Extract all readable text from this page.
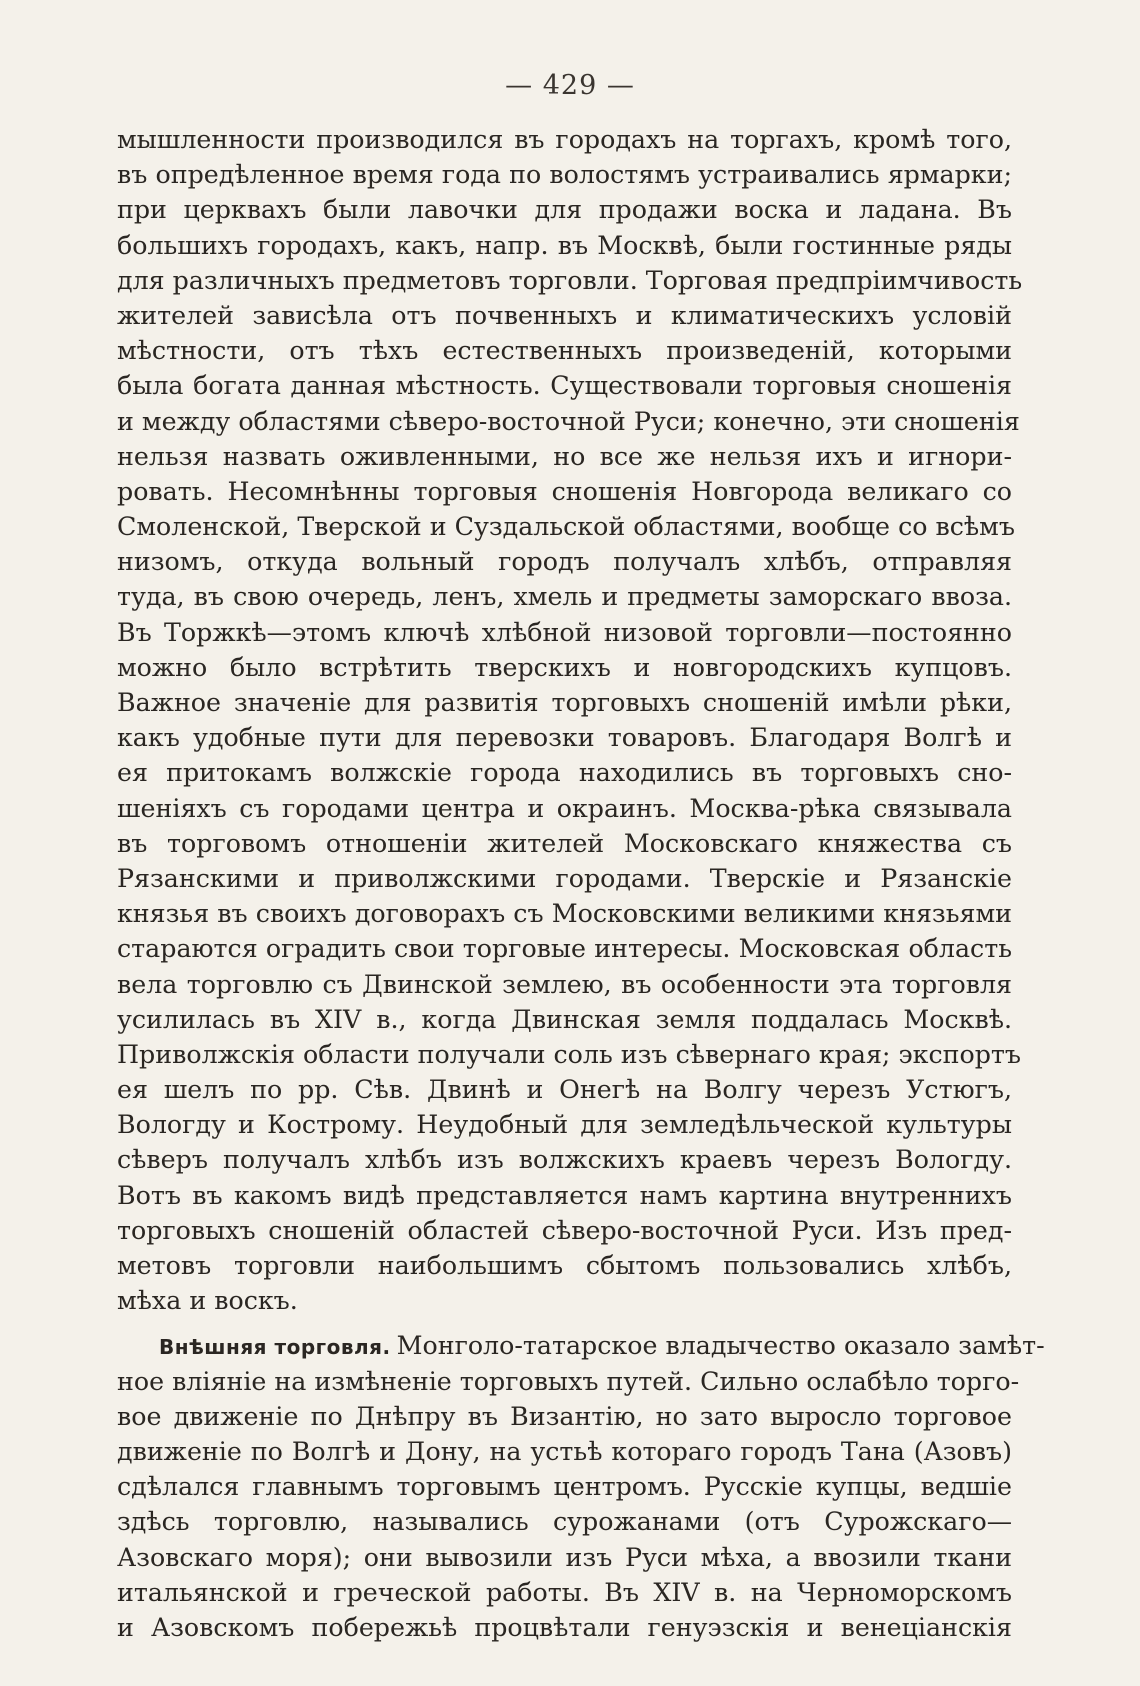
— 429 —
мышленности производился въ городахъ на торгахъ, кромѣ того,
въ опредѣленное время года по волостямъ устраивались ярмарки;
при церквахъ были лавочки для продажи воска и ладана. Въ
большихъ городахъ, какъ, напр. въ Москвѣ, были гостинные ряды
для различныхъ предметовъ торговли. Торговая предпріимчивость
жителей зависѣла отъ почвенныхъ и климатическихъ условій
мѣстности, отъ тѣхъ естественныхъ произведеній, которыми
была богата данная мѣстность. Существовали торговыя сношенія
и между областями сѣверо-восточной Руси; конечно, эти сношенія
нельзя назвать оживленными, но все же нельзя ихъ и игнори-
ровать. Несомнѣнны торговыя сношенія Новгорода великаго со
Смоленской, Тверской и Суздальской областями, вообще со всѣмъ
низомъ, откуда вольный городъ получалъ хлѣбъ, отправляя
туда, въ свою очередь, ленъ, хмель и предметы заморскаго ввоза.
Въ Торжкѣ—этомъ ключѣ хлѣбной низовой торговли—постоянно
можно было встрѣтить тверскихъ и новгородскихъ купцовъ.
Важное значеніе для развитія торговыхъ сношеній имѣли рѣки,
какъ удобные пути для перевозки товаровъ. Благодаря Волгѣ и
ея притокамъ волжскіе города находились въ торговыхъ сно-
шеніяхъ съ городами центра и окраинъ. Москва-рѣка связывала
въ торговомъ отношеніи жителей Московскаго княжества съ
Рязанскими и приволжскими городами. Тверскіе и Рязанскіе
князья въ своихъ договорахъ съ Московскими великими князьями
стараются оградить свои торговые интересы. Московская область
вела торговлю съ Двинской землею, въ особенности эта торговля
усилилась въ XIV в., когда Двинская земля поддалась Москвѣ.
Приволжскія области получали соль изъ сѣвернаго края; экспортъ
ея шелъ по рр. Сѣв. Двинѣ и Онегѣ на Волгу черезъ Устюгъ,
Вологду и Кострому. Неудобный для земледѣльческой культуры
сѣверъ получалъ хлѣбъ изъ волжскихъ краевъ черезъ Вологду.
Вотъ въ какомъ видѣ представляется намъ картина внутреннихъ
торговыхъ сношеній областей сѣверо-восточной Руси. Изъ пред-
метовъ торговли наибольшимъ сбытомъ пользовались хлѣбъ,
мѣха и воскъ.
Внѣшняя торговля. Монголо-татарское владычество оказало замѣт-
ное вліяніе на измѣненіе торговыхъ путей. Сильно ослабѣло торго-
вое движеніе по Днѣпру въ Византію, но зато выросло торговое
движеніе по Волгѣ и Дону, на устьѣ котораго городъ Тана (Азовъ)
сдѣлался главнымъ торговымъ центромъ. Русскіе купцы, ведшіе
здѣсь торговлю, назывались сурожанами (отъ Сурожскаго—
Азовскаго моря); они вывозили изъ Руси мѣха, а ввозили ткани
итальянской и греческой работы. Въ XIV в. на Черноморскомъ
и Азовскомъ побережьѣ процвѣтали генуэзскія и венеціанскія
